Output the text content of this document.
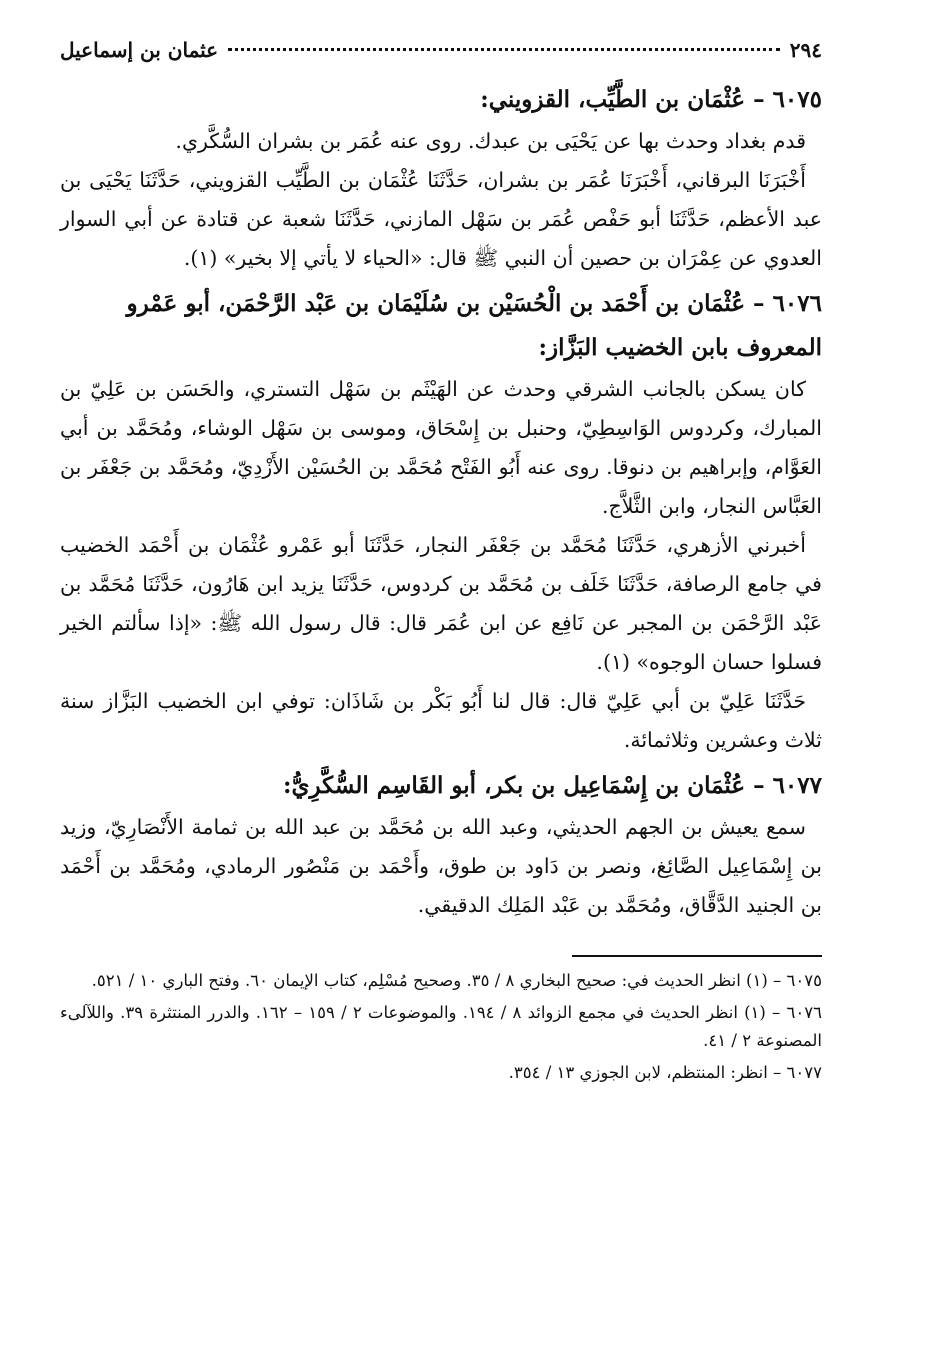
٢٩٤
عثمان بن إسماعيل
٦٠٧٥ – عُثْمَان بن الطَّيِّب، القزويني:

قدم بغداد وحدث بها عن يَحْيَى بن عبدك. روى عنه عُمَر بن بشران السُّكَّري.

أَخْبَرَنَا البرقاني، أَخْبَرَنَا عُمَر بن بشران، حَدَّثَنَا عُثْمَان بن الطَّيِّب القزويني، حَدَّثَنَا يَحْيَى بن عبد الأعظم، حَدَّثَنَا أبو حَفْص عُمَر بن سَهْل المازني، حَدَّثَنَا شعبة عن قتادة عن أبي السوار العدوي عن عِمْرَان بن حصين أن النبي ﷺ قال: «الحياء لا يأتي إلا بخير» (١).

٦٠٧٦ – عُثْمَان بن أَحْمَد بن الْحُسَيْن بن سُلَيْمَان بن عَبْد الرَّحْمَن، أبو عَمْرو المعروف بابن الخضيب البَزَّاز:

كان يسكن بالجانب الشرقي وحدث عن الهَيْثَم بن سَهْل التستري، والحَسَن بن عَلِيّ بن المبارك، وكردوس الوَاسِطِيّ، وحنبل بن إِسْحَاق، وموسى بن سَهْل الوشاء، ومُحَمَّد بن أبي العَوَّام، وإبراهيم بن دنوقا. روى عنه أَبُو الفَتْح مُحَمَّد بن الحُسَيْن الأَزْدِيّ، ومُحَمَّد بن جَعْفَر بن العَبَّاس النجار، وابن الثَّلاَّج.

أخبرني الأزهري، حَدَّثَنَا مُحَمَّد بن جَعْفَر النجار، حَدَّثَنَا أبو عَمْرو عُثْمَان بن أَحْمَد الخضيب في جامع الرصافة، حَدَّثَنَا خَلَف بن مُحَمَّد بن كردوس، حَدَّثَنَا يزيد ابن هَارُون، حَدَّثَنَا مُحَمَّد بن عَبْد الرَّحْمَن بن المجبر عن نَافِع عن ابن عُمَر قال: قال رسول الله ﷺ: «إذا سألتم الخير فسلوا حسان الوجوه» (١).

حَدَّثَنَا عَلِيّ بن أبي عَلِيّ قال: قال لنا أَبُو بَكْر بن شَاذَان: توفي ابن الخضيب البَزَّاز سنة ثلاث وعشرين وثلاثمائة.

٦٠٧٧ – عُثْمَان بن إِسْمَاعِيل بن بكر، أبو القَاسِم السُّكَّرِيُّ:

سمع يعيش بن الجهم الحديثي، وعبد الله بن مُحَمَّد بن عبد الله بن ثمامة الأَنْصَارِيّ، وزيد بن إِسْمَاعِيل الصَّائِغ، ونصر بن دَاود بن طوق، وأَحْمَد بن مَنْصُور الرمادي، ومُحَمَّد بن أَحْمَد بن الجنيد الدَّقَّاق، ومُحَمَّد بن عَبْد المَلِك الدقيقي.

٦٠٧٥ – (١) انظر الحديث في: صحيح البخاري ٨ / ٣٥. وصحيح مُسْلِم، كتاب الإيمان ٦٠. وفتح الباري ١٠ / ٥٢١.

٦٠٧٦ – (١) انظر الحديث في مجمع الزوائد ٨ / ١٩٤. والموضوعات ٢ / ١٥٩ – ١٦٢. والدرر المنتثرة ٣٩. واللآلىء المصنوعة ٢ / ٤١.

٦٠٧٧ – انظر: المنتظم، لابن الجوزي ١٣ / ٣٥٤.
